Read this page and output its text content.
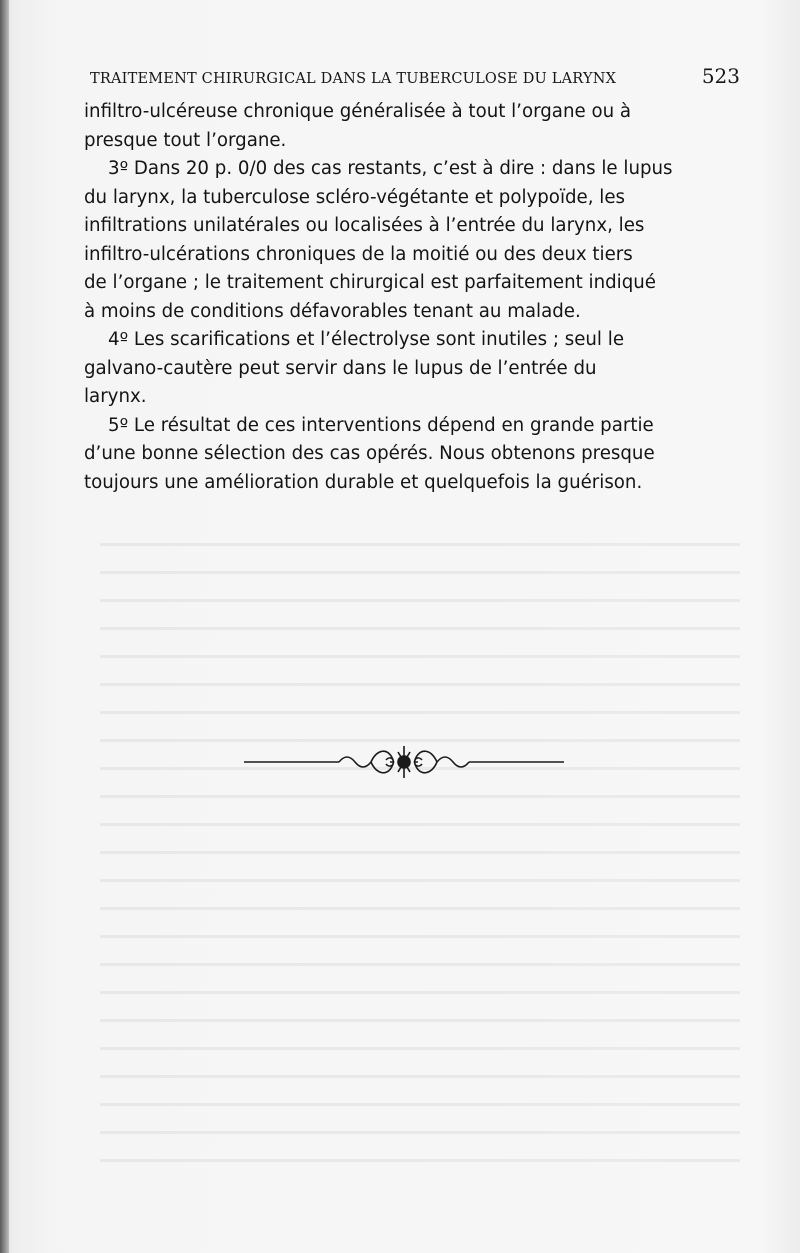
TRAITEMENT CHIRURGICAL DANS LA TUBERCULOSE DU LARYNX	523

infiltro-ulcéreuse chronique généralisée à tout l’organe ou à
presque tout l’organe.

3º Dans 20 p. 0/0 des cas restants, c’est à dire : dans le lupus
du larynx, la tuberculose scléro-végétante et polypoïde, les
infiltrations unilatérales ou localisées à l’entrée du larynx, les
infiltro-ulcérations chroniques de la moitié ou des deux tiers
de l’organe ; le traitement chirurgical est parfaitement indiqué
à moins de conditions défavorables tenant au malade.

4º Les scarifications et l’électrolyse sont inutiles ; seul le
galvano-cautère peut servir dans le lupus de l’entrée du
larynx.

5º Le résultat de ces interventions dépend en grande partie
d’une bonne sélection des cas opérés. Nous obtenons presque
toujours une amélioration durable et quelquefois la guérison.
